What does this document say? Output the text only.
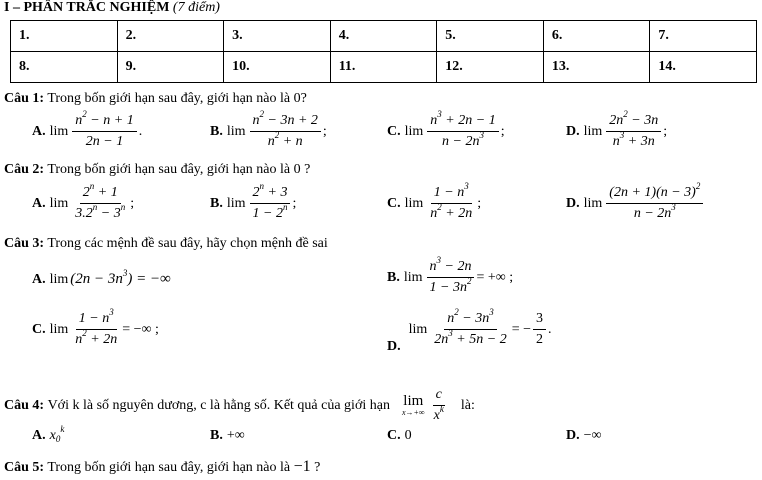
I – PHẦN TRẮC NGHIỆM (7 điểm)
1.	2.	3.	4.	5.	6.	7.
8.	9.	10.	11.	12.	13.	14.
Câu 1: Trong bốn giới hạn sau đây, giới hạn nào là 0?
A. $\lim \frac{n^2 - n + 1}{2n - 1}$ .	B. $\lim \frac{n^2 - 3n + 2}{n^2 + n}$ ;	C. $\lim \frac{n^3 + 2n - 1}{n - 2n^3}$ ;	D. $\lim \frac{2n^2 - 3n}{n^3 + 3n}$ ;
Câu 2: Trong bốn giới hạn sau đây, giới hạn nào là 0 ?
A. $\lim \frac{2^n + 1}{3.2^n - 3^n}$ ;	B. $\lim \frac{2^n + 3}{1 - 2^n}$ ;	C. $\lim \frac{1 - n^3}{n^2 + 2n}$ ;	D. $\lim \frac{(2n + 1)(n - 3)^2}{n - 2n^3}$
Câu 3: Trong các mệnh đề sau đây, hãy chọn mệnh đề sai
A. $\lim (2n - 3n^3)$ = −∞	B. $\lim \frac{n^3 - 2n}{1 - 3n^2}$ = +∞ ;
C. $\lim \frac{1 - n^3}{n^2 + 2n}$ = −∞ ;
D.
$\lim \frac{n^2 - 3n^3}{2n^3 + 5n - 2}$ = − $\frac{3}{2}$ .
Câu 4:
Với k là số nguyên dương, c là hằng số. Kết quả của giới hạn lim
$x\to+\infty \frac{c}{x^k}$ là:
A. $x_0^k$	B. +∞	C. 0	D. −∞
Câu 5: Trong bốn giới hạn sau đây, giới hạn nào là −1 ?
